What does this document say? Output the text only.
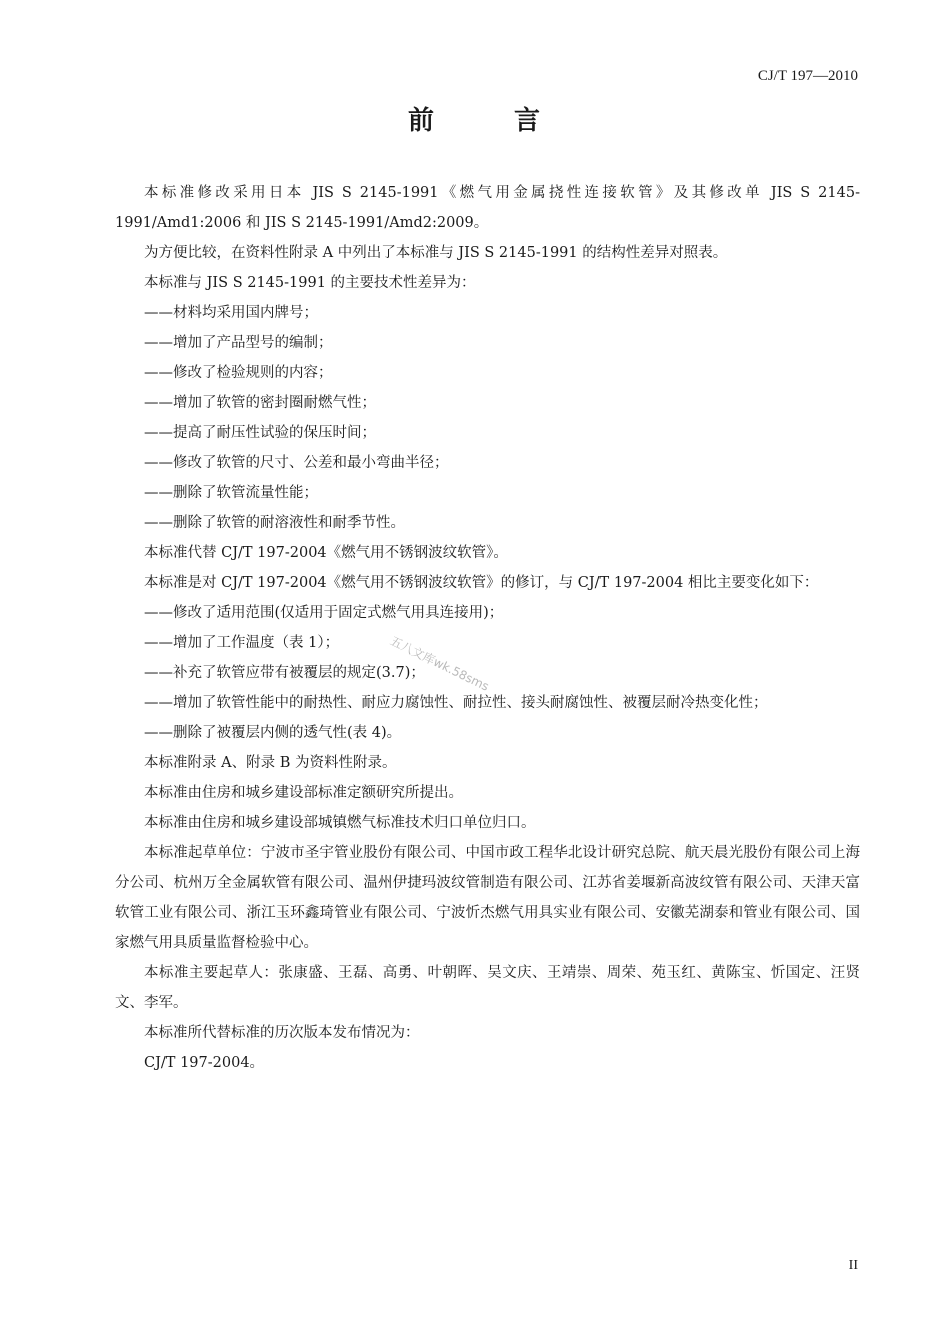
CJ/T 197—2010
前	言

本标准修改采用日本 JIS S 2145-1991《燃气用金属挠性连接软管》及其修改单 JIS S 2145-1991/Amd1:2006 和 JIS S 2145-1991/Amd2:2009。

为方便比较，在资料性附录 A 中列出了本标准与 JIS S 2145-1991 的结构性差异对照表。

本标准与 JIS S 2145-1991 的主要技术性差异为：

——材料均采用国内牌号；

——增加了产品型号的编制；

——修改了检验规则的内容；

——增加了软管的密封圈耐燃气性；

——提高了耐压性试验的保压时间；

——修改了软管的尺寸、公差和最小弯曲半径；

——删除了软管流量性能；

——删除了软管的耐溶液性和耐季节性。

本标准代替 CJ/T 197-2004《燃气用不锈钢波纹软管》。

本标准是对 CJ/T 197-2004《燃气用不锈钢波纹软管》的修订，与 CJ/T 197-2004 相比主要变化如下：

——修改了适用范围(仅适用于固定式燃气用具连接用)；

——增加了工作温度（表 1）；

——补充了软管应带有被覆层的规定(3.7)；

——增加了软管性能中的耐热性、耐应力腐蚀性、耐拉性、接头耐腐蚀性、被覆层耐冷热变化性；

——删除了被覆层内侧的透气性(表 4)。

本标准附录 A、附录 B 为资料性附录。

本标准由住房和城乡建设部标准定额研究所提出。

本标准由住房和城乡建设部城镇燃气标准技术归口单位归口。

本标准起草单位：宁波市圣宇管业股份有限公司、中国市政工程华北设计研究总院、航天晨光股份有限公司上海分公司、杭州万全金属软管有限公司、温州伊捷玛波纹管制造有限公司、江苏省姜堰新高波纹管有限公司、天津天富软管工业有限公司、浙江玉环鑫琦管业有限公司、宁波忻杰燃气用具实业有限公司、安徽芜湖泰和管业有限公司、国家燃气用具质量监督检验中心。

本标准主要起草人：张康盛、王磊、高勇、叶朝晖、吴文庆、王靖崇、周荣、苑玉红、黄陈宝、忻国定、汪贤文、李军。

本标准所代替标准的历次版本发布情况为：

CJ/T 197-2004。

五八文库wk.58sms
II
